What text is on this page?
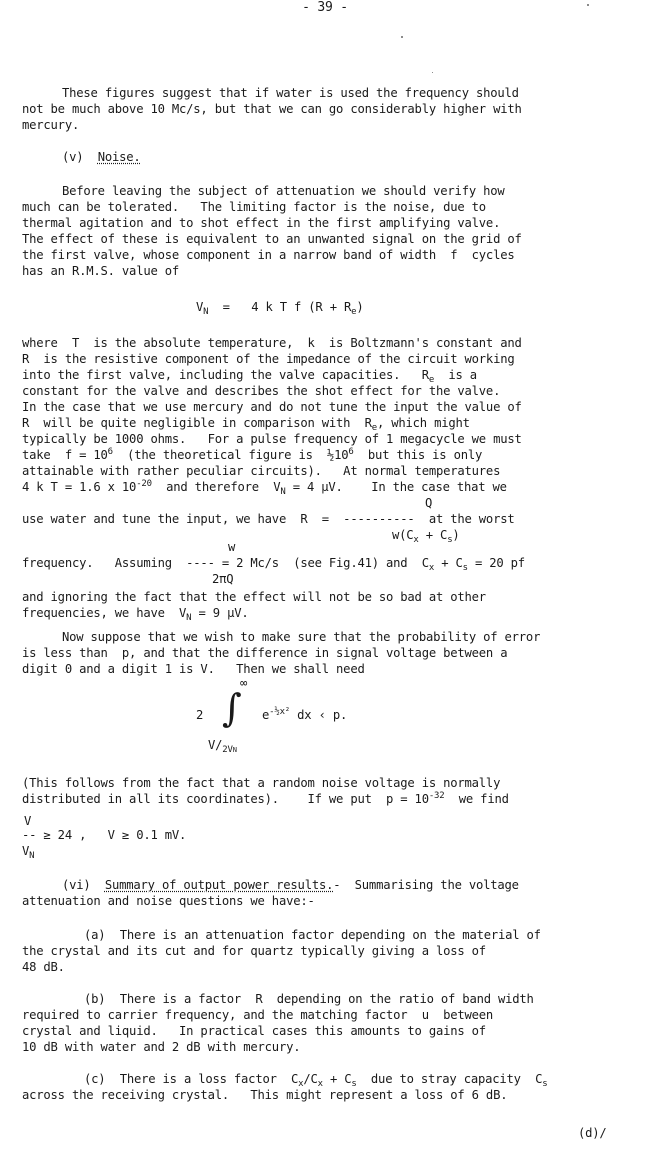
- 39 -
These figures suggest that if water is used the frequency should
not be much above 10 Mc/s, but that we can go considerably higher with
mercury.
(v) Noise.
Before leaving the subject of attenuation we should verify how
much can be tolerated.   The limiting factor is the noise, due to
thermal agitation and to shot effect in the first amplifying valve.
The effect of these is equivalent to an unwanted signal on the grid of
the first valve, whose component in a narrow band of width  f  cycles
has an R.M.S. value of
$V_N = 4$ k T f $(R + R_e)$
where  T  is the absolute temperature,  k  is Boltzmann's constant and
R  is the resistive component of the impedance of the circuit working
into the first valve, including the valve capacities.   $R_e$  is a
constant for the valve and describes the shot effect for the valve.
In the case that we use mercury and do not tune the input the value of
R  will be quite negligible in comparison with  $R_e$, which might
typically be 1000 ohms.   For a pulse frequency of 1 megacycle we must
take  $f = 10^6$  (the theoretical figure is  $\frac{1}{2}10^6$  but this is only
attainable with rather peculiar circuits).   At normal temperatures
4 k T = 1.6 x $10^{-20}$  and therefore  $V_N = 4$ μV.    In the case that we
Q
use water and tune the input, we have  R  =  ----------  at the worst
$w(C_x + C_s)$
w
frequency.   Assuming  ---- = 2 Mc/s  (see Fig.41) and  $C_x + C_s = 20$ pf
2πQ
and ignoring the fact that the effect will not be so bad at other
frequencies, we have  $V_N = 9$ μV.
Now suppose that we wish to make sure that the probability of error
is less than  p, and that the difference in signal voltage between a
digit 0 and a digit 1 is V.   Then we shall need
2 ∫
∞
$e^{-\frac{1}{2}x^2}$ dx ‹ p.
$V/_{2VN}$
(This follows from the fact that a random noise voltage is normally
distributed in all its coordinates).    If we put  $p = 10^{-32}$  we find
V
-- ≥ 24 ,   V ≥ 0.1 mV.
$V_N$
(vi) Summary of output power results.-  Summarising the voltage
attenuation and noise questions we have:-
(a) There is an attenuation factor depending on the material of
the crystal and its cut and for quartz typically giving a loss of
48 dB.
(b) There is a factor  R  depending on the ratio of band width
required to carrier frequency, and the matching factor  u  between
crystal and liquid.   In practical cases this amounts to gains of
10 dB with water and 2 dB with mercury.
(c) There is a loss factor  $C_x/C_x + C_s$  due to stray capacity  $C_s$
across the receiving crystal.   This might represent a loss of 6 dB.
(d)/
